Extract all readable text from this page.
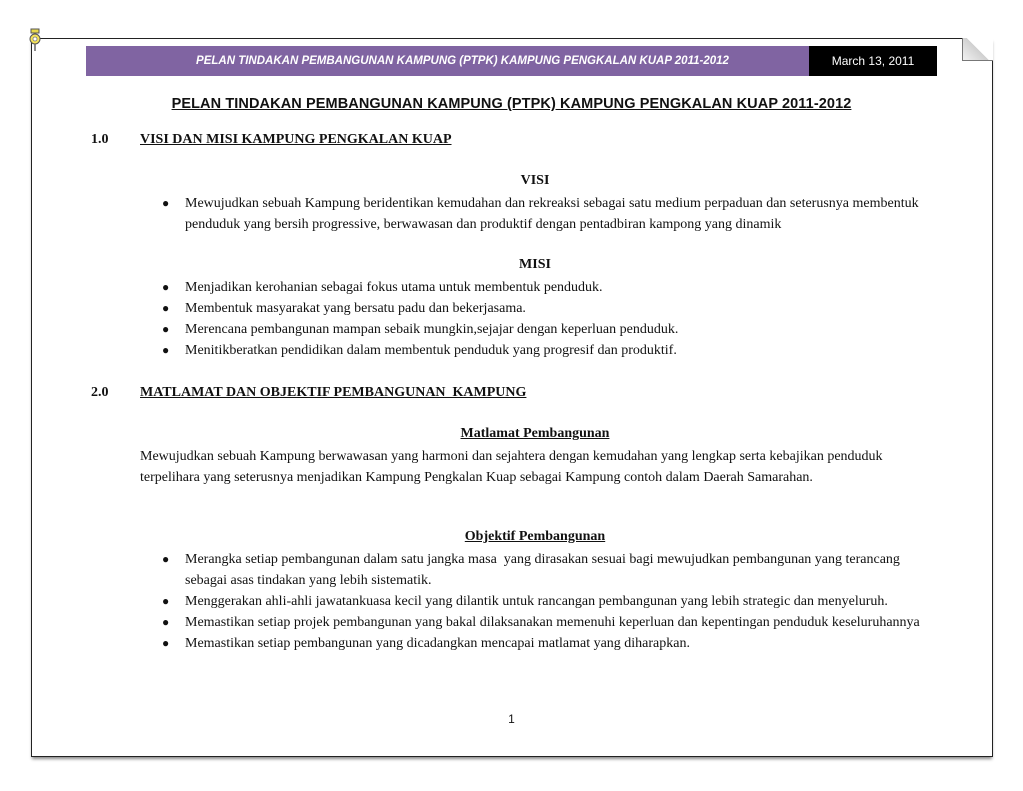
PELAN TINDAKAN PEMBANGUNAN KAMPUNG (PTPK) KAMPUNG PENGKALAN KUAP 2011-2012	March 13, 2011
PELAN TINDAKAN PEMBANGUNAN KAMPUNG (PTPK) KAMPUNG PENGKALAN KUAP 2011-2012
1.0 VISI DAN MISI KAMPUNG PENGKALAN KUAP
VISI
● Mewujudkan sebuah Kampung beridentikan kemudahan dan rekreaksi sebagai satu medium perpaduan dan seterusnya membentuk penduduk yang bersih progressive, berwawasan dan produktif dengan pentadbiran kampong yang dinamik
MISI
● Menjadikan kerohanian sebagai fokus utama untuk membentuk penduduk.
● Membentuk masyarakat yang bersatu padu dan bekerjasama.
● Merencana pembangunan mampan sebaik mungkin,sejajar dengan keperluan penduduk.
● Menitikberatkan pendidikan dalam membentuk penduduk yang progresif dan produktif.
2.0 MATLAMAT DAN OBJEKTIF PEMBANGUNAN  KAMPUNG
Matlamat Pembangunan

Mewujudkan sebuah Kampung berwawasan yang harmoni dan sejahtera dengan kemudahan yang lengkap serta kebajikan penduduk terpelihara yang seterusnya menjadikan Kampung Pengkalan Kuap sebagai Kampung contoh dalam Daerah Samarahan.

Objektif Pembangunan
● Merangka setiap pembangunan dalam satu jangka masa  yang dirasakan sesuai bagi mewujudkan pembangunan yang terancang sebagai asas tindakan yang lebih sistematik.
● Menggerakan ahli-ahli jawatankuasa kecil yang dilantik untuk rancangan pembangunan yang lebih strategic dan menyeluruh.
● Memastikan setiap projek pembangunan yang bakal dilaksanakan memenuhi keperluan dan kepentingan penduduk keseluruhannya
● Memastikan setiap pembangunan yang dicadangkan mencapai matlamat yang diharapkan.
1
